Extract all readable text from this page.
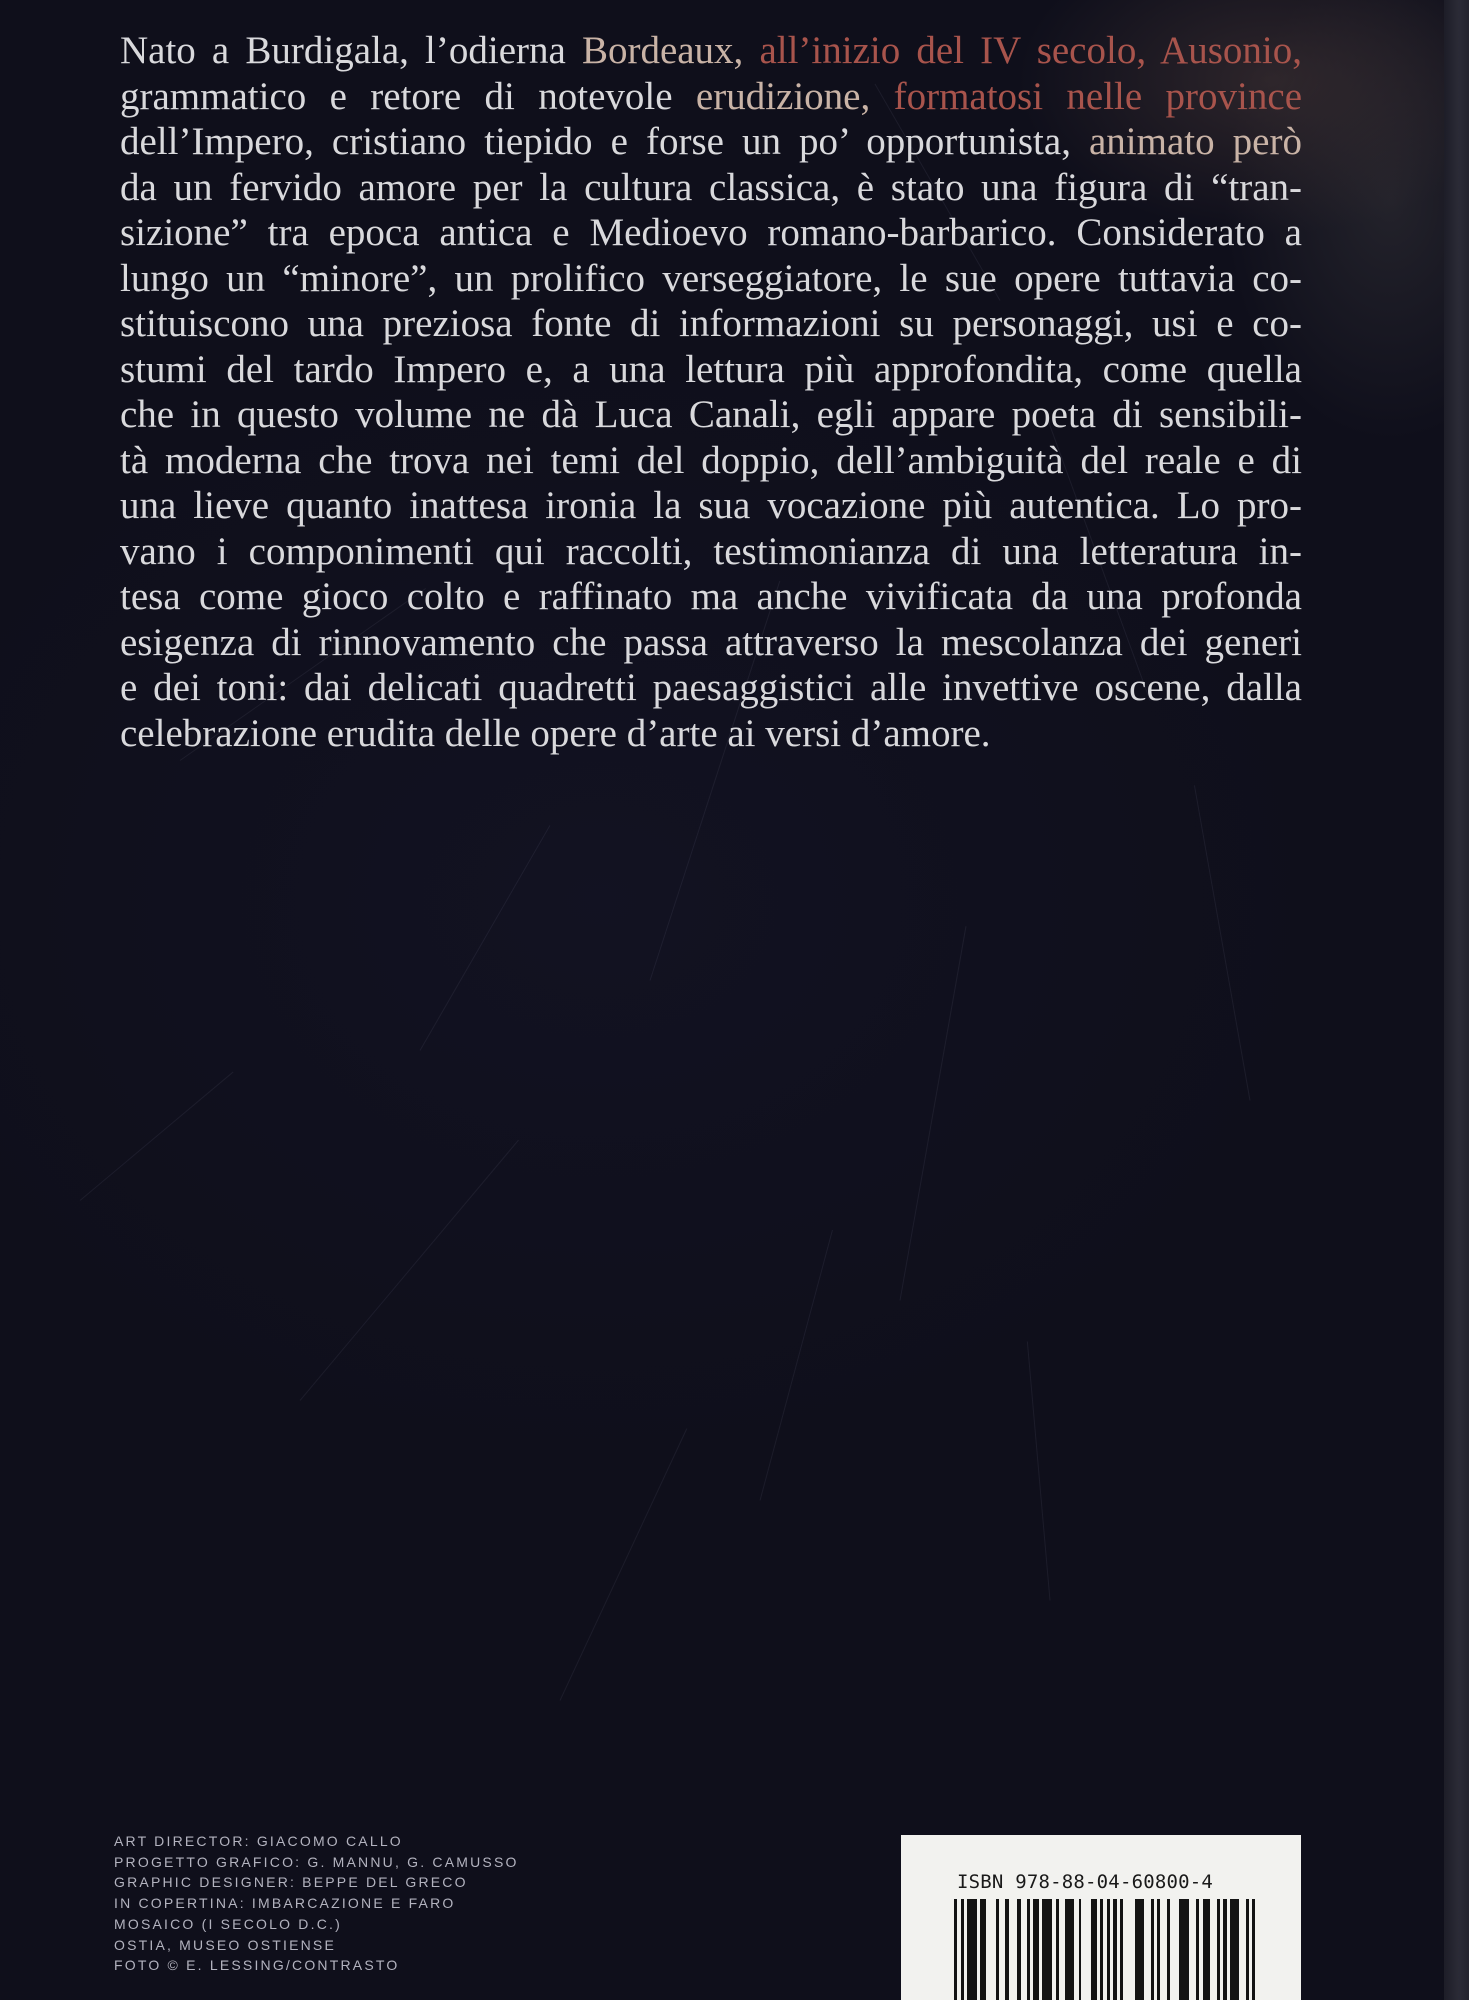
Nato a Burdigala, l’odierna Bordeaux, all’inizio del IV secolo, Ausonio,
grammatico e retore di notevole erudizione, formatosi nelle province
dell’Impero, cristiano tiepido e forse un po’ opportunista, animato però
da un fervido amore per la cultura classica, è stato una figura di “tran-
sizione” tra epoca antica e Medioevo romano-barbarico. Considerato a
lungo un “minore”, un prolifico verseggiatore, le sue opere tuttavia co-
stituiscono una preziosa fonte di informazioni su personaggi, usi e co-
stumi del tardo Impero e, a una lettura più approfondita, come quella
che in questo volume ne dà Luca Canali, egli appare poeta di sensibili-
tà moderna che trova nei temi del doppio, dell’ambiguità del reale e di
una lieve quanto inattesa ironia la sua vocazione più autentica. Lo pro-
vano i componimenti qui raccolti, testimonianza di una letteratura in-
tesa come gioco colto e raffinato ma anche vivificata da una profonda
esigenza di rinnovamento che passa attraverso la mescolanza dei generi
e dei toni: dai delicati quadretti paesaggistici alle invettive oscene, dalla
celebrazione erudita delle opere d’arte ai versi d’amore.
ART DIRECTOR: GIACOMO CALLO
PROGETTO GRAFICO: G. MANNU, G. CAMUSSO
GRAPHIC DESIGNER: BEPPE DEL GRECO
IN COPERTINA: IMBARCAZIONE E FARO
MOSAICO (I SECOLO D.C.)
OSTIA, MUSEO OSTIENSE
FOTO © E. LESSING/CONTRASTO
ISBN 978-88-04-60800-4
